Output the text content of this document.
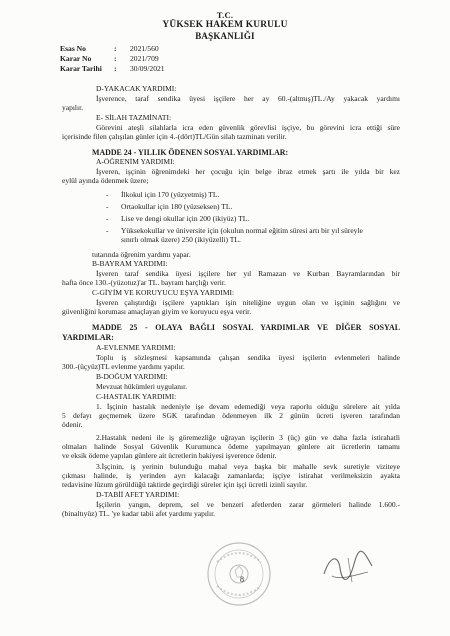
T.C.
YÜKSEK HAKEM KURULU
BAŞKANLIĞI
Esas No	: 2021/560
Karar No	: 2021/709
Karar Tarihi : 30/09/2021
D-YAKACAK YARDIMI:
İşverence, taraf sendika üyesi işçilere her ay 60.-(altmış)TL./Ay yakacak yardımı
yapılır.
E- SİLAH TAZMİNATI:
Görevini ateşli silahlarla icra eden güvenlik görevlisi işçiye, bu görevini icra ettiği süre
içerisinde filen çalışılan günler için 4.-(dört)TL/Gün silah tazminatı verilir.
MADDE 24 - YILLIK ÖDENEN SOSYAL YARDIMLAR:
A-ÖĞRENİM YARDIMI:
İşveren, işçinin öğrenimdeki her çocuğu için belge ibraz etmek şartı ile yılda bir kez
eylül ayında ödenmek üzere;
- İlkokul için 170 (yüzyetmiş) TL.
- Ortaokullar için 180 (yüzseksen) TL.
- Lise ve dengi okullar için 200 (ikiyüz) TL.
- Yüksekokullar ve üniversite için (okulun normal eğitim süresi artı bir yıl süreyle
sınırlı olmak üzere) 250 (ikiyüzelli) TL.
tutarında öğrenim yardımı yapar.
B-BAYRAM YARDIMI:
İşveren taraf sendika üyesi işçilere her yıl Ramazan ve Kurban Bayramlarından bir
hafta önce 130.-(yüzotuz)'ar TL. bayram harçlığı verir.
C-GİYİM VE KORUYUCU EŞYA YARDIMI:
İşveren çalıştırdığı işçilere yaptıkları işin niteliğine uygun olan ve işçinin sağlığını ve
güvenliğini koruması amaçlayan giyim ve koruyucu eşya verir.
MADDE 25 - OLAYA BAĞLI SOSYAL YARDIMLAR VE DİĞER SOSYAL
YARDIMLAR:
A-EVLENME YARDIMI:
Toplu iş sözleşmesi kapsamında çalışan sendika üyesi işçilerin evlenmeleri halinde
300.-(üçyüz)TL evlenme yardımı yapılır.
B-DOĞUM YARDIMI:
Mevzuat hükümleri uygulanır.
C-HASTALIK YARDIMI:
1. İşçinin hastalık nedeniyle işe devam edemediği veya raporlu olduğu sürelere ait yılda
5 defayı geçmemek üzere SGK tarafından ödenmeyen ilk 2 günün ücreti işveren tarafından
ödenir.
2.Hastalık nedeni ile iş göremezliğe uğrayan işçilerin 3 (üç) gün ve daha fazla istirahatli
olmaları halinde Sosyal Güvenlik Kurumunca ödeme yapılmayan günlere ait ücretlerin tamamı
ve eksik ödeme yapılan günlere ait ücretlerin bakiyesi işverence ödenir.
3.İşçinin, iş yerinin bulunduğu mahal veya başka bir mahalle sevk suretiyle viziteye
çıkması halinde, iş yerinden ayrı kalacağı zamanlarda; işçiye istirahat verilmeksizin ayakta
tedavisine lüzum görüldüğü taktirde geçirdiği süreler için işçi ücretli izinli sayılır.
D-TABİİ AFET YARDIMI:
İşçilerin yangın, deprem, sel ve benzeri afetlerden zarar görmeleri halinde 1.600.-
(binaltıyüz) TL. 'ye kadar tabii afet yardımı yapılır.
8
